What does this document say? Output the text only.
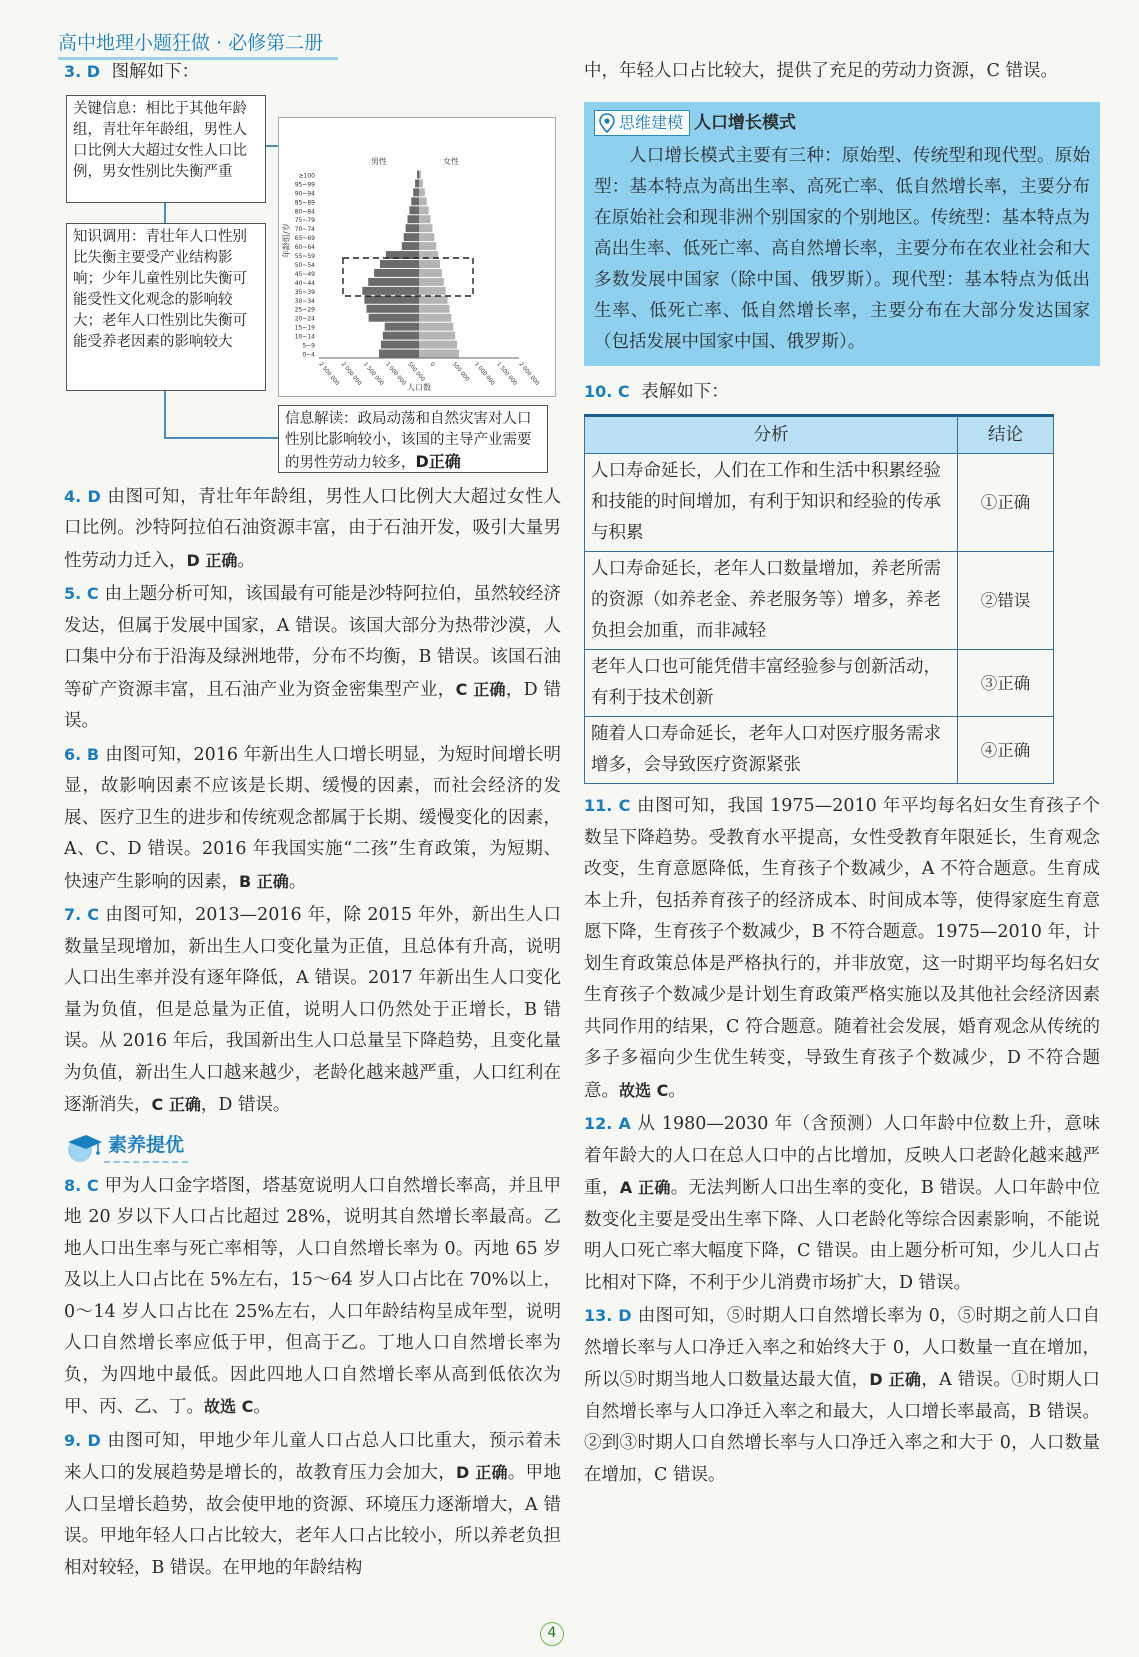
高中地理小题狂做 · 必修第二册

3. D 图解如下：

关键信息：相比于其他年龄组，青壮年年龄组，男性人口比例大大超过女性人口比例，男女性别比失衡严重
知识调用：青壮年人口性别比失衡主要受产业结构影响；少年儿童性别比失衡可能受性文化观念的影响较大；老年人口性别比失衡可能受养老因素的影响较大
信息解读：政局动荡和自然灾害对人口性别比影响较小，该国的主导产业需要的男性劳动力较多，D正确
年龄组/岁
男性	女性
人口数
0~4
5~9
10~14
15~19
20~24
25~29
30~34
35~39
40~44
45~49
50~54
55~59
60~64
65~69
70~74
75~79
80~84
85~89
90~94
95~99
≥100
2 500 000 2 000 000 1 500 000 1 000 000 500 000 0	500 000 1 000 000 1 500 000 2 000 000

4. D 由图可知，青壮年年龄组，男性人口比例大大超过女性人口比例。沙特阿拉伯石油资源丰富，由于石油开发，吸引大量男性劳动力迁入，D 正确。

5. C 由上题分析可知，该国最有可能是沙特阿拉伯，虽然较经济发达，但属于发展中国家，A 错误。该国大部分为热带沙漠，人口集中分布于沿海及绿洲地带，分布不均衡，B 错误。该国石油等矿产资源丰富，且石油产业为资金密集型产业，C 正确，D 错误。

6. B 由图可知，2016 年新出生人口增长明显，为短时间增长明显，故影响因素不应该是长期、缓慢的因素，而社会经济的发展、医疗卫生的进步和传统观念都属于长期、缓慢变化的因素，A、C、D 错误。2016 年我国实施“二孩”生育政策，为短期、快速产生影响的因素，B 正确。

7. C 由图可知，2013—2016 年，除 2015 年外，新出生人口数量呈现增加，新出生人口变化量为正值，且总体有升高，说明人口出生率并没有逐年降低，A 错误。2017 年新出生人口变化量为负值，但是总量为正值，说明人口仍然处于正增长，B 错误。从 2016 年后，我国新出生人口总量呈下降趋势，且变化量为负值，新出生人口越来越少，老龄化越来越严重，人口红利在逐渐消失，C 正确，D 错误。

素养提优

8. C 甲为人口金字塔图，塔基宽说明人口自然增长率高，并且甲地 20 岁以下人口占比超过 28%，说明其自然增长率最高。乙地人口出生率与死亡率相等，人口自然增长率为 0。丙地 65 岁及以上人口占比在 5%左右，15～64 岁人口占比在 70%以上，0～14 岁人口占比在 25%左右，人口年龄结构呈成年型，说明人口自然增长率应低于甲，但高于乙。丁地人口自然增长率为负，为四地中最低。因此四地人口自然增长率从高到低依次为甲、丙、乙、丁。故选 C。

9. D 由图可知，甲地少年儿童人口占总人口比重大，预示着未来人口的发展趋势是增长的，故教育压力会加大，D 正确。甲地人口呈增长趋势，故会使甲地的资源、环境压力逐渐增大，A 错误。甲地年轻人口占比较大，老年人口占比较小，所以养老负担相对较轻，B 错误。在甲地的年龄结构

中，年轻人口占比较大，提供了充足的劳动力资源，C 错误。

思维建模 人口增长模式
人口增长模式主要有三种：原始型、传统型和现代型。原始型：基本特点为高出生率、高死亡率、低自然增长率，主要分布在原始社会和现非洲个别国家的个别地区。传统型：基本特点为高出生率、低死亡率、高自然增长率，主要分布在农业社会和大多数发展中国家（除中国、俄罗斯）。现代型：基本特点为低出生率、低死亡率、低自然增长率，主要分布在大部分发达国家（包括发展中国家中国、俄罗斯）。

10. C 表解如下：

分析	结论
人口寿命延长，人们在工作和生活中积累经验和技能的时间增加，有利于知识和经验的传承与积累	①正确
人口寿命延长，老年人口数量增加，养老所需的资源（如养老金、养老服务等）增多，养老负担会加重，而非减轻	②错误
老年人口也可能凭借丰富经验参与创新活动，有利于技术创新	③正确
随着人口寿命延长，老年人口对医疗服务需求增多，会导致医疗资源紧张	④正确

11. C 由图可知，我国 1975—2010 年平均每名妇女生育孩子个数呈下降趋势。受教育水平提高，女性受教育年限延长，生育观念改变，生育意愿降低，生育孩子个数减少，A 不符合题意。生育成本上升，包括养育孩子的经济成本、时间成本等，使得家庭生育意愿下降，生育孩子个数减少，B 不符合题意。1975—2010 年，计划生育政策总体是严格执行的，并非放宽，这一时期平均每名妇女生育孩子个数减少是计划生育政策严格实施以及其他社会经济因素共同作用的结果，C 符合题意。随着社会发展，婚育观念从传统的多子多福向少生优生转变，导致生育孩子个数减少，D 不符合题意。故选 C。

12. A 从 1980—2030 年（含预测）人口年龄中位数上升，意味着年龄大的人口在总人口中的占比增加，反映人口老龄化越来越严重，A 正确。无法判断人口出生率的变化，B 错误。人口年龄中位数变化主要是受出生率下降、人口老龄化等综合因素影响，不能说明人口死亡率大幅度下降，C 错误。由上题分析可知，少儿人口占比相对下降，不利于少儿消费市场扩大，D 错误。

13. D 由图可知，⑤时期人口自然增长率为 0，⑤时期之前人口自然增长率与人口净迁入率之和始终大于 0，人口数量一直在增加，所以⑤时期当地人口数量达最大值，D 正确，A 错误。①时期人口自然增长率与人口净迁入率之和最大，人口增长率最高，B 错误。②到③时期人口自然增长率与人口净迁入率之和大于 0，人口数量在增加，C 错误。

4
